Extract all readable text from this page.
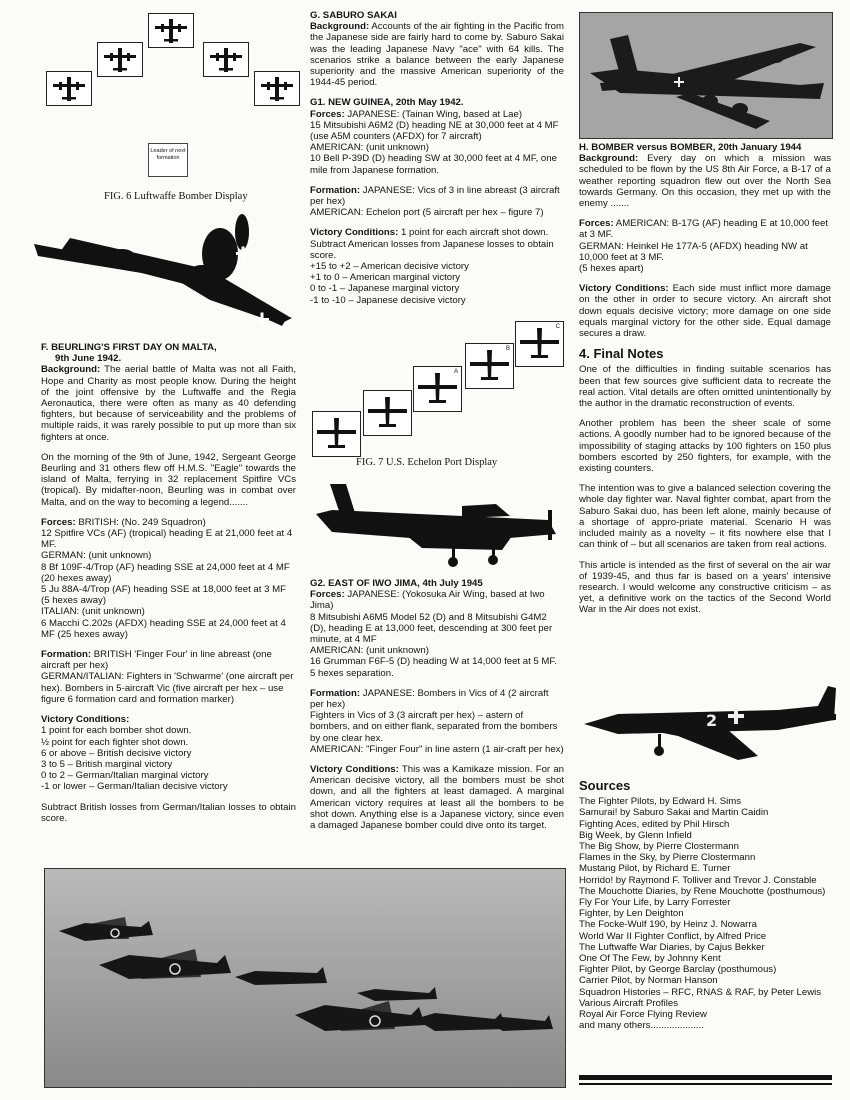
Leader of next formation
FIG. 6 Luftwaffe Bomber Display
F. BEURLING'S FIRST DAY ON MALTA,
9th June 1942.

Background: The aerial battle of Malta was not all Faith, Hope and Charity as most people know. During the height of the joint offensive by the Luftwaffe and the Regia Aeronautica, there were often as many as 40 defending fighters, but because of serviceability and the problems of multiple raids, it was rarely possible to put up more than six fighters at once.

On the morning of the 9th of June, 1942, Sergeant George Beurling and 31 others flew off H.M.S. "Eagle" towards the island of Malta, ferrying in 32 replacement Spitfire VCs (tropical). By midafter-noon, Beurling was in combat over Malta, and on the way to becoming a legend.......

Forces: BRITISH: (No. 249 Squadron)
12 Spitfire VCs (AF) (tropical) heading E at 21,000 feet at 4 MF.
GERMAN: (unit unknown)
8 Bf 109F-4/Trop (AF) heading SSE at 24,000 feet at 4 MF (20 hexes away)
5 Ju 88A-4/Trop (AF) heading SSE at 18,000 feet at 3 MF (5 hexes away)
ITALIAN: (unit unknown)
6 Macchi C.202s (AFDX) heading SSE at 24,000 feet at 4 MF (25 hexes away)
Formation: BRITISH 'Finger Four' in line abreast (one aircraft per hex)
GERMAN/ITALIAN: Fighters in 'Schwarme' (one aircraft per hex). Bombers in 5-aircraft Vic (five aircraft per hex – use figure 6 formation card and formation marker)
Victory Conditions:
1 point for each bomber shot down.
½ point for each fighter shot down.
6 or above – British decisive victory
3 to 5 – British marginal victory
0 to 2 – German/Italian marginal victory
-1 or lower – German/Italian decisive victory

Subtract British losses from German/Italian losses to obtain score.

G. SABURO SAKAI

Background: Accounts of the air fighting in the Pacific from the Japanese side are fairly hard to come by. Saburo Sakai was the leading Japanese Navy "ace" with 64 kills. The scenarios strike a balance between the early Japanese superiority and the massive American superiority of the 1944-45 period.

G1. NEW GUINEA, 20th May 1942.
Forces: JAPANESE: (Tainan Wing, based at Lae)
15 Mitsubishi A6M2 (D) heading NE at 30,000 feet at 4 MF (use A5M counters (AFDX) for 7 aircraft)
AMERICAN: (unit unknown)
10 Bell P-39D (D) heading SW at 30,000 feet at 4 MF, one mile from Japanese formation.
Formation: JAPANESE: Vics of 3 in line abreast (3 aircraft per hex)
AMERICAN: Echelon port (5 aircraft per hex – figure 7)
Victory Conditions: 1 point for each aircraft shot down. Subtract American losses from Japanese losses to obtain score.
+15 to +2 – American decisive victory
+1 to 0 – American marginal victory
0 to -1 – Japanese marginal victory
-1 to -10 – Japanese decisive victory
A
B
C
FIG. 7 U.S. Echelon Port Display
G2. EAST OF IWO JIMA, 4th July 1945
Forces: JAPANESE: (Yokosuka Air Wing, based at Iwo Jima)
8 Mitsubishi A6M5 Model 52 (D) and 8 Mitsubishi G4M2 (D), heading E at 13,000 feet, descending at 300 feet per minute, at 4 MF
AMERICAN: (unit unknown)
16 Grumman F6F-5 (D) heading W at 14,000 feet at 5 MF.
5 hexes separation.
Formation: JAPANESE: Bombers in Vics of 4 (2 aircraft per hex)
Fighters in Vics of 3 (3 aircraft per hex) – astern of bombers, and on either flank, separated from the bombers by one clear hex.
AMERICAN: "Finger Four" in line astern (1 air-craft per hex)

Victory Conditions: This was a Kamikaze mission. For an American decisive victory, all the bombers must be shot down, and all the fighters at least damaged. A marginal American victory requires at least all the bombers to be shot down. Anything else is a Japanese victory, since even a damaged Japanese bomber could dive onto its target.

H. BOMBER versus BOMBER, 20th January 1944

Background: Every day on which a mission was scheduled to be flown by the US 8th Air Force, a B-17 of a weather reporting squadron flew out over the North Sea towards Germany. On this occasion, they met up with the enemy .......

Forces: AMERICAN: B-17G (AF) heading E at 10,000 feet at 3 MF.
GERMAN: Heinkel He 177A-5 (AFDX) heading NW at 10,000 feet at 3 MF.
(5 hexes apart)

Victory Conditions: Each side must inflict more damage on the other in order to secure victory. An aircraft shot down equals decisive victory; more damage on one side equals marginal victory for the other side. Equal damage secures a draw.

4. Final Notes

One of the difficulties in finding suitable scenarios has been that few sources give sufficient data to recreate the real action. Vital details are often omitted unintentionally by the author in the dramatic reconstruction of events.

Another problem has been the sheer scale of some actions. A goodly number had to be ignored because of the impossibility of staging attacks by 100 fighters on 150 plus bombers escorted by 250 fighters, for example, with the existing counters.

The intention was to give a balanced selection covering the whole day fighter war. Naval fighter combat, apart from the Saburo Sakai duo, has been left alone, mainly because of a shortage of appro-priate material. Scenario H was included mainly as a novelty – it fits nowhere else that I can think of – but all scenarios are taken from real actions.

This article is intended as the first of several on the air war of 1939-45, and thus far is based on a years' intensive research. I would welcome any constructive criticism – as yet, a definitive work on the tactics of the Second World War in the Air does not exist.

2
Sources
The Fighter Pilots, by Edward H. Sims
Samurai! by Saburo Sakai and Martin Caidin
Fighting Aces, edited by Phil Hirsch
Big Week, by Glenn Infield
The Big Show, by Pierre Clostermann
Flames in the Sky, by Pierre Clostermann
Mustang Pilot, by Richard E. Turner
Horrido! by Raymond F. Tolliver and Trevor J. Constable
The Mouchotte Diaries, by Rene Mouchotte (posthumous)
Fly For Your Life, by Larry Forrester
Fighter, by Len Deighton
The Focke-Wulf 190, by Heinz J. Nowarra
World War II Fighter Conflict, by Alfred Price
The Luftwaffe War Diaries, by Cajus Bekker
One Of The Few, by Johnny Kent
Fighter Pilot, by George Barclay (posthumous)
Carrier Pilot, by Norman Hanson
Squadron Histories – RFC, RNAS & RAF, by Peter Lewis
Various Aircraft Profiles
Royal Air Force Flying Review
and many others....................
